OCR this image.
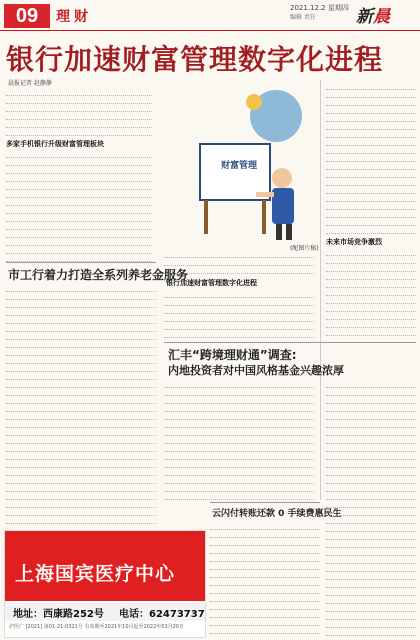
09	理财
2021.12.2 星期四
编辑 责任 新晨
银行加速财富管理数字化进程
晨报记者 赵静静
多家手机银行升级财富管理板块
财富管理
(配图片稿)
未来市场竞争激烈
银行加速财富管理数字化进程
市工行着力打造全系列养老金服务
汇丰“跨境理财通”调查:
内地投资者对中国风格基金兴趣浓厚
云闪付转账还款 0 手续费惠民生
上海国宾医疗中心
地址：西康路252号 电话：62473737
沪医广 [2021] 第01-21-0321号 有效期至2021年10月起至2022年03月20日
